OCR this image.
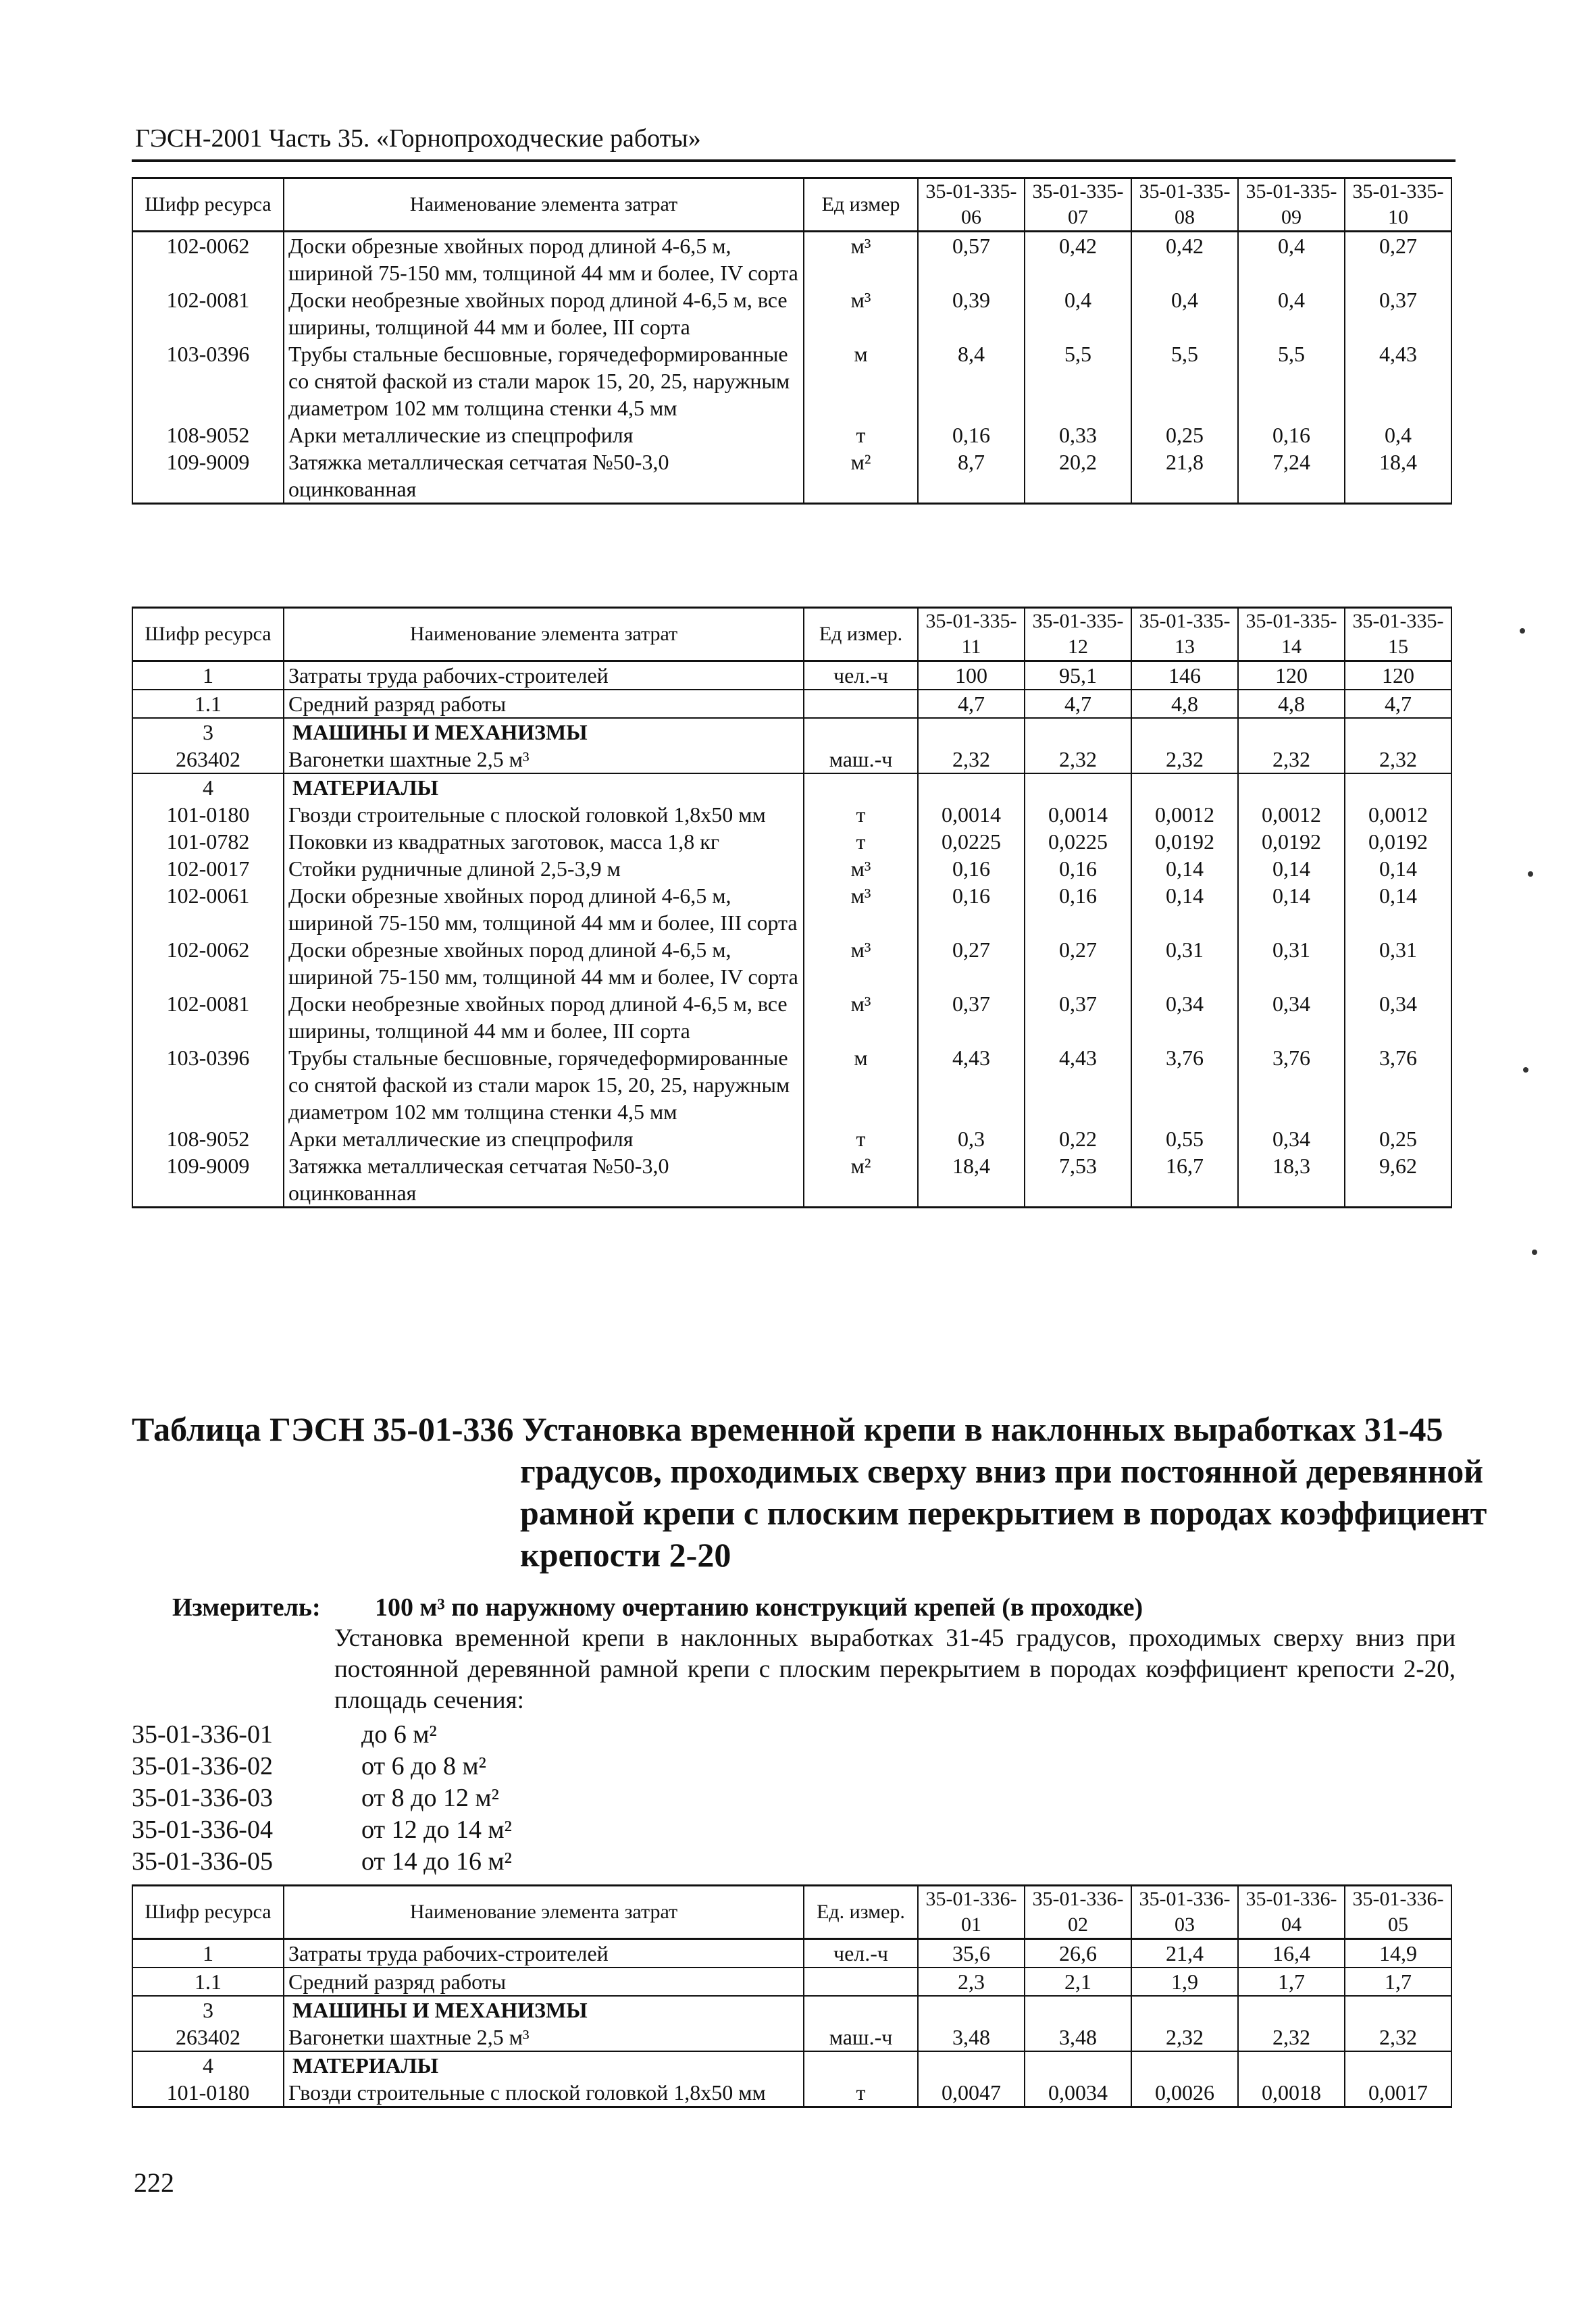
ГЭСН-2001 Часть 35. «Горнопроходческие работы»
Шифр ресурса	Наименование элемента затрат	Ед измер	35-01-335-06	35-01-335-07	35-01-335-08	35-01-335-09	35-01-335-10
102-0062	Доски обрезные хвойных пород длиной 4-6,5 м, шириной 75-150 мм, толщиной 44 мм и более, IV сорта	м³	0,57	0,42	0,42	0,4	0,27
102-0081	Доски необрезные хвойных пород длиной 4-6,5 м, все ширины, толщиной 44 мм и более, III сорта	м³	0,39	0,4	0,4	0,4	0,37
103-0396	Трубы стальные бесшовные, горячедеформированные со снятой фаской из стали марок 15, 20, 25, наружным диаметром 102 мм толщина стенки 4,5 мм	м	8,4	5,5	5,5	5,5	4,43
108-9052	Арки металлические из спецпрофиля	т	0,16	0,33	0,25	0,16	0,4
109-9009	Затяжка металлическая сетчатая №50-3,0 оцинкованная	м²	8,7	20,2	21,8	7,24	18,4
Шифр ресурса	Наименование элемента затрат	Ед измер.	35-01-335-11	35-01-335-12	35-01-335-13	35-01-335-14	35-01-335-15
1	Затраты труда рабочих-строителей	чел.-ч	100	95,1	146	120	120
1.1	Средний разряд работы		4,7	4,7	4,8	4,8	4,7
3	МАШИНЫ И МЕХАНИЗМЫ						
263402	Вагонетки шахтные 2,5 м³	маш.-ч	2,32	2,32	2,32	2,32	2,32
4	МАТЕРИАЛЫ						
101-0180	Гвозди строительные с плоской головкой 1,8x50 мм	т	0,0014	0,0014	0,0012	0,0012	0,0012
101-0782	Поковки из квадратных заготовок, масса 1,8 кг	т	0,0225	0,0225	0,0192	0,0192	0,0192
102-0017	Стойки рудничные длиной 2,5-3,9 м	м³	0,16	0,16	0,14	0,14	0,14
102-0061	Доски обрезные хвойных пород длиной 4-6,5 м, шириной 75-150 мм, толщиной 44 мм и более, III сорта	м³	0,16	0,16	0,14	0,14	0,14
102-0062	Доски обрезные хвойных пород длиной 4-6,5 м, шириной 75-150 мм, толщиной 44 мм и более, IV сорта	м³	0,27	0,27	0,31	0,31	0,31
102-0081	Доски необрезные хвойных пород длиной 4-6,5 м, все ширины, толщиной 44 мм и более, III сорта	м³	0,37	0,37	0,34	0,34	0,34
103-0396	Трубы стальные бесшовные, горячедеформированные со снятой фаской из стали марок 15, 20, 25, наружным диаметром 102 мм толщина стенки 4,5 мм	м	4,43	4,43	3,76	3,76	3,76
108-9052	Арки металлические из спецпрофиля	т	0,3	0,22	0,55	0,34	0,25
109-9009	Затяжка металлическая сетчатая №50-3,0 оцинкованная	м²	18,4	7,53	16,7	18,3	9,62
Таблица ГЭСН 35-01-336 Установка временной крепи в наклонных выработках 31-45
градусов, проходимых сверху вниз при постоянной деревянной
рамной крепи с плоским перекрытием в породах коэффициент
крепости 2-20
Измеритель: 100 м³ по наружному очертанию конструкций крепей (в проходке)
Установка временной крепи в наклонных выработках 31-45 градусов, проходимых сверху вниз при постоянной деревянной рамной крепи с плоским перекрытием в породах коэффициент крепости 2-20, площадь сечения:
35-01-336-01	до 6 м²
35-01-336-02	от 6 до 8 м²
35-01-336-03	от 8 до 12 м²
35-01-336-04	от 12 до 14 м²
35-01-336-05	от 14 до 16 м²
Шифр ресурса	Наименование элемента затрат	Ед. измер.	35-01-336-01	35-01-336-02	35-01-336-03	35-01-336-04	35-01-336-05
1	Затраты труда рабочих-строителей	чел.-ч	35,6	26,6	21,4	16,4	14,9
1.1	Средний разряд работы		2,3	2,1	1,9	1,7	1,7
3	МАШИНЫ И МЕХАНИЗМЫ						
263402	Вагонетки шахтные 2,5 м³	маш.-ч	3,48	3,48	2,32	2,32	2,32
4	МАТЕРИАЛЫ						
101-0180	Гвозди строительные с плоской головкой 1,8x50 мм	т	0,0047	0,0034	0,0026	0,0018	0,0017
222
